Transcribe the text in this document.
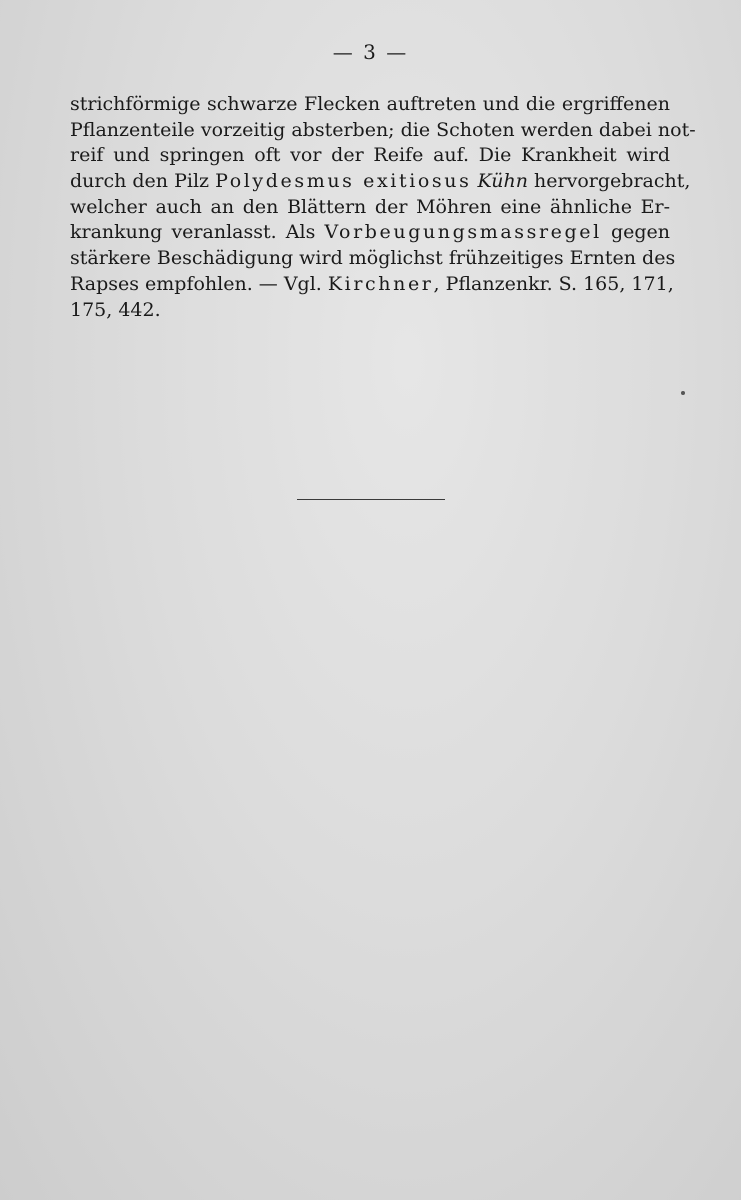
— 3 —
strichförmige schwarze Flecken auftreten und die ergriffenen
Pflanzenteile vorzeitig absterben; die Schoten werden dabei not-
reif und springen oft vor der Reife auf. Die Krankheit wird
durch den Pilz Polydesmus exitiosus Kühn hervorgebracht,
welcher auch an den Blättern der Möhren eine ähnliche Er-
krankung veranlasst. Als Vorbeugungsmassregel gegen
stärkere Beschädigung wird möglichst frühzeitiges Ernten des
Rapses empfohlen. — Vgl. Kirchner, Pflanzenkr. S. 165, 171,
175, 442.
